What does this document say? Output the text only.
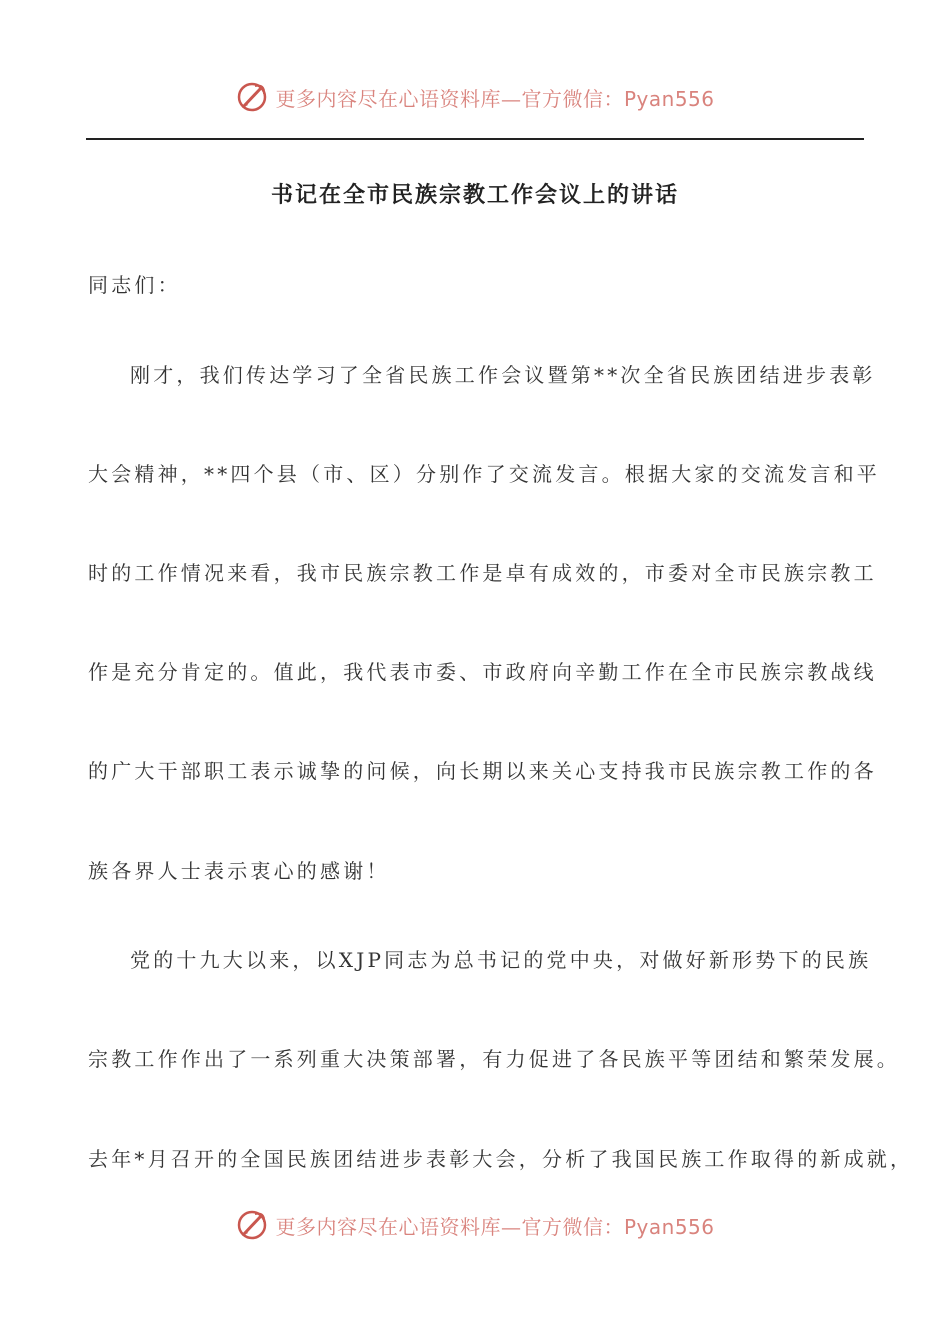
更多内容尽在心语资料库—官方微信：Pyan556
书记在全市民族宗教工作会议上的讲话
同志们：
刚才，我们传达学习了全省民族工作会议暨第**次全省民族团结进步表彰
大会精神，**四个县（市、区）分别作了交流发言。根据大家的交流发言和平
时的工作情况来看，我市民族宗教工作是卓有成效的，市委对全市民族宗教工
作是充分肯定的。值此，我代表市委、市政府向辛勤工作在全市民族宗教战线
的广大干部职工表示诚挚的问候，向长期以来关心支持我市民族宗教工作的各
族各界人士表示衷心的感谢！
党的十九大以来，以XJP同志为总书记的党中央，对做好新形势下的民族
宗教工作作出了一系列重大决策部署，有力促进了各民族平等团结和繁荣发展。
去年*月召开的全国民族团结进步表彰大会，分析了我国民族工作取得的新成就，
更多内容尽在心语资料库—官方微信：Pyan556
